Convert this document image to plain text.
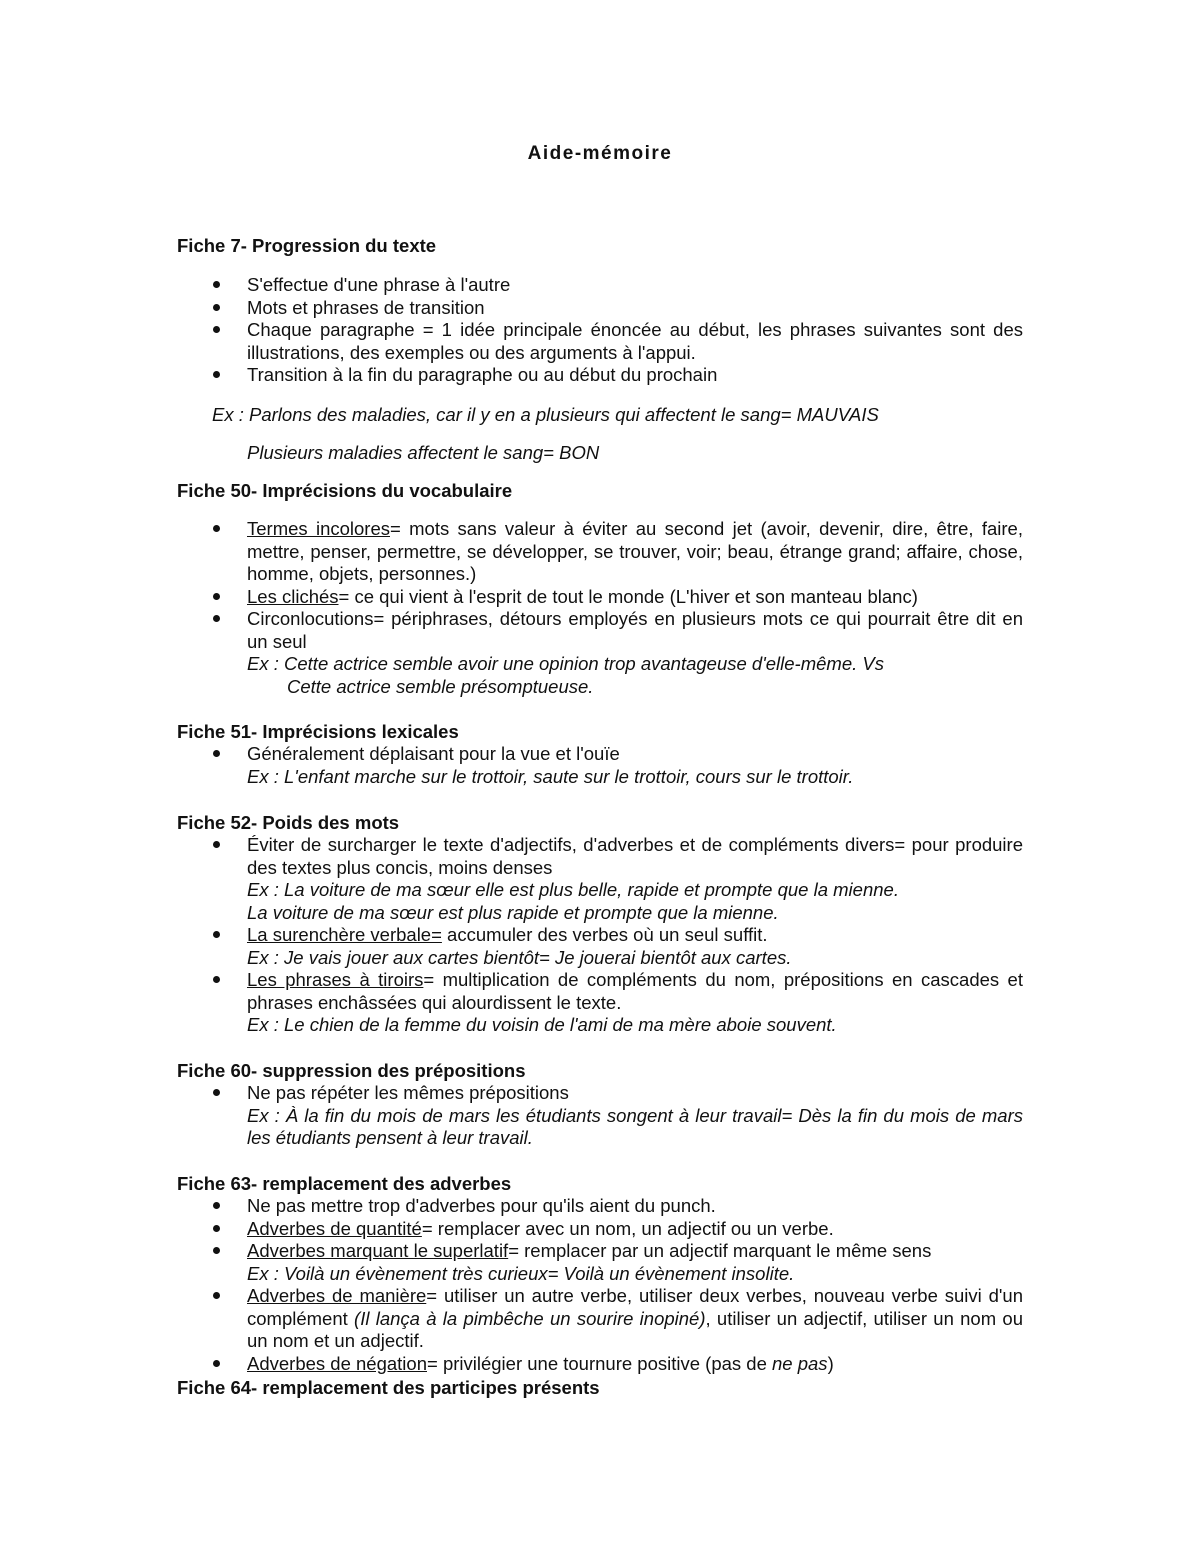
Aide-mémoire

Fiche 7- Progression du texte

S'effectue d'une phrase à l'autre
Mots et phrases de transition
Chaque paragraphe = 1 idée principale énoncée au début, les phrases suivantes sont des illustrations, des exemples ou des arguments à l'appui.
Transition à la fin du paragraphe ou au début du prochain
Ex : Parlons des maladies, car il y en a plusieurs qui affectent le sang= MAUVAIS
Plusieurs maladies affectent le sang= BON

Fiche 50- Imprécisions du vocabulaire

Termes incolores= mots sans valeur à éviter au second jet (avoir, devenir, dire, être, faire, mettre, penser, permettre, se développer, se trouver, voir; beau, étrange grand; affaire, chose, homme, objets, personnes.)
Les clichés= ce qui vient à l'esprit de tout le monde (L'hiver et son manteau blanc)
Circonlocutions= périphrases, détours employés en plusieurs mots ce qui pourrait être dit en un seul
Ex : Cette actrice semble avoir une opinion trop avantageuse d'elle-même. Vs
Cette actrice semble présomptueuse.

Fiche 51- Imprécisions lexicales

Généralement déplaisant pour la vue et l'ouïe
Ex : L'enfant marche sur le trottoir, saute sur le trottoir, cours sur le trottoir.

Fiche 52- Poids des mots

Éviter de surcharger le texte d'adjectifs, d'adverbes et de compléments divers= pour produire des textes plus concis, moins denses
Ex : La voiture de ma sœur elle est plus belle, rapide et prompte que la mienne.
La voiture de ma sœur est plus rapide et prompte que la mienne.
La surenchère verbale= accumuler des verbes où un seul suffit.
Ex : Je vais jouer aux cartes bientôt= Je jouerai bientôt aux cartes.
Les phrases à tiroirs= multiplication de compléments du nom, prépositions en cascades et phrases enchâssées qui alourdissent le texte.
Ex : Le chien de la femme du voisin de l'ami de ma mère aboie souvent.

Fiche 60- suppression des prépositions

Ne pas répéter les mêmes prépositions
Ex : À la fin du mois de mars les étudiants songent à leur travail= Dès la fin du mois de mars les étudiants pensent à leur travail.

Fiche 63- remplacement des adverbes

Ne pas mettre trop d'adverbes pour qu'ils aient du punch.
Adverbes de quantité= remplacer avec un nom, un adjectif ou un verbe.
Adverbes marquant le superlatif= remplacer par un adjectif marquant le même sens
Ex : Voilà un évènement très curieux= Voilà un évènement insolite.
Adverbes de manière= utiliser un autre verbe, utiliser deux verbes, nouveau verbe suivi d'un complément (Il lança à la pimbêche un sourire inopiné), utiliser un adjectif, utiliser un nom ou un nom et un adjectif.
Adverbes de négation= privilégier une tournure positive (pas de ne pas)

Fiche 64- remplacement des participes présents
